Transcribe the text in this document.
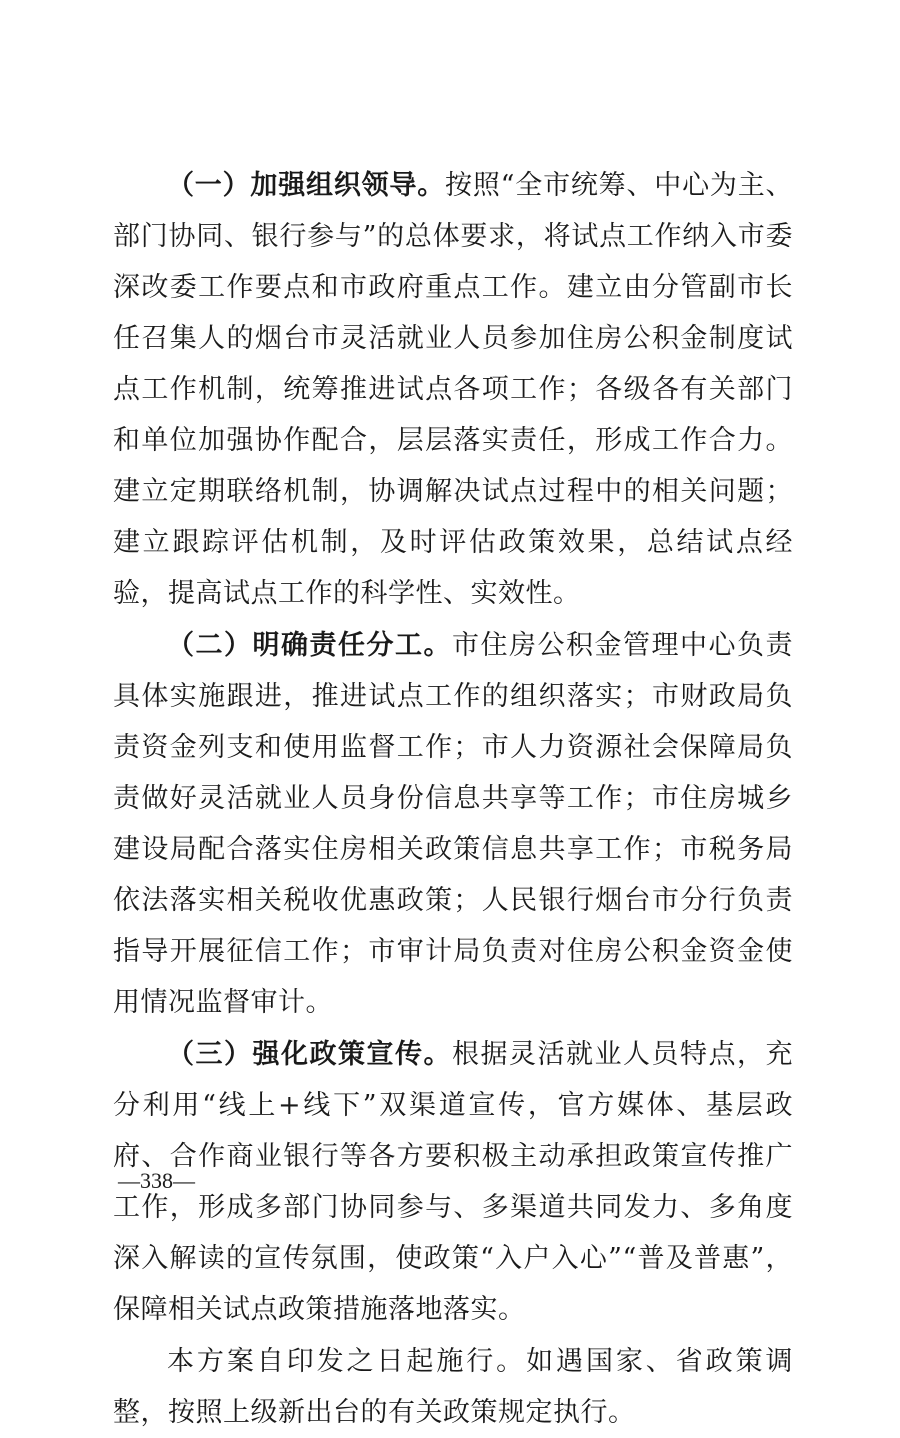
（一）加强组织领导。按照“全市统筹、中心为主、部门协同、银行参与”的总体要求，将试点工作纳入市委深改委工作要点和市政府重点工作。建立由分管副市长任召集人的烟台市灵活就业人员参加住房公积金制度试点工作机制，统筹推进试点各项工作；各级各有关部门和单位加强协作配合，层层落实责任，形成工作合力。建立定期联络机制，协调解决试点过程中的相关问题；建立跟踪评估机制，及时评估政策效果，总结试点经验，提高试点工作的科学性、实效性。

（二）明确责任分工。市住房公积金管理中心负责具体实施跟进，推进试点工作的组织落实；市财政局负责资金列支和使用监督工作；市人力资源社会保障局负责做好灵活就业人员身份信息共享等工作；市住房城乡建设局配合落实住房相关政策信息共享工作；市税务局依法落实相关税收优惠政策；人民银行烟台市分行负责指导开展征信工作；市审计局负责对住房公积金资金使用情况监督审计。

（三）强化政策宣传。根据灵活就业人员特点，充分利用“线上+线下”双渠道宣传，官方媒体、基层政府、合作商业银行等各方要积极主动承担政策宣传推广工作，形成多部门协同参与、多渠道共同发力、多角度深入解读的宣传氛围，使政策“入户入心”“普及普惠”，保障相关试点政策措施落地落实。

本方案自印发之日起施行。如遇国家、省政策调整，按照上级新出台的有关政策规定执行。

—338—
